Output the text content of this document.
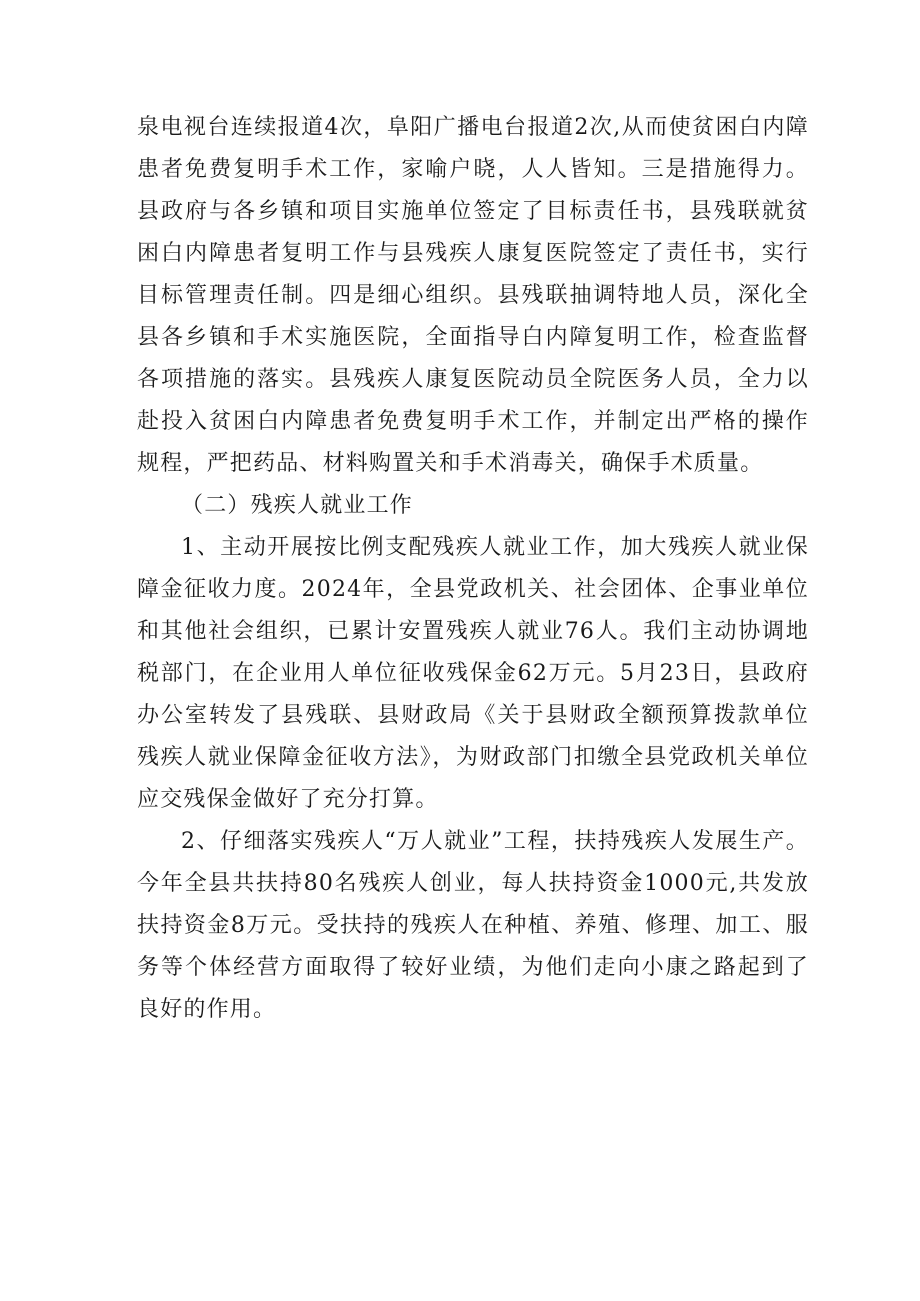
泉电视台连续报道4次，阜阳广播电台报道2次,从而使贫困白内障患者免费复明手术工作，家喻户晓，人人皆知。三是措施得力。县政府与各乡镇和项目实施单位签定了目标责任书，县残联就贫困白内障患者复明工作与县残疾人康复医院签定了责任书，实行目标管理责任制。四是细心组织。县残联抽调特地人员，深化全县各乡镇和手术实施医院，全面指导白内障复明工作，检查监督各项措施的落实。县残疾人康复医院动员全院医务人员，全力以赴投入贫困白内障患者免费复明手术工作，并制定出严格的操作规程，严把药品、材料购置关和手术消毒关，确保手术质量。

（二）残疾人就业工作

1、主动开展按比例支配残疾人就业工作，加大残疾人就业保障金征收力度。2024年，全县党政机关、社会团体、企事业单位和其他社会组织，已累计安置残疾人就业76人。我们主动协调地税部门，在企业用人单位征收残保金62万元。5月23日，县政府办公室转发了县残联、县财政局《关于县财政全额预算拨款单位残疾人就业保障金征收方法》，为财政部门扣缴全县党政机关单位应交残保金做好了充分打算。

2、仔细落实残疾人“万人就业”工程，扶持残疾人发展生产。今年全县共扶持80名残疾人创业，每人扶持资金1000元,共发放扶持资金8万元。受扶持的残疾人在种植、养殖、修理、加工、服务等个体经营方面取得了较好业绩，为他们走向小康之路起到了良好的作用。
